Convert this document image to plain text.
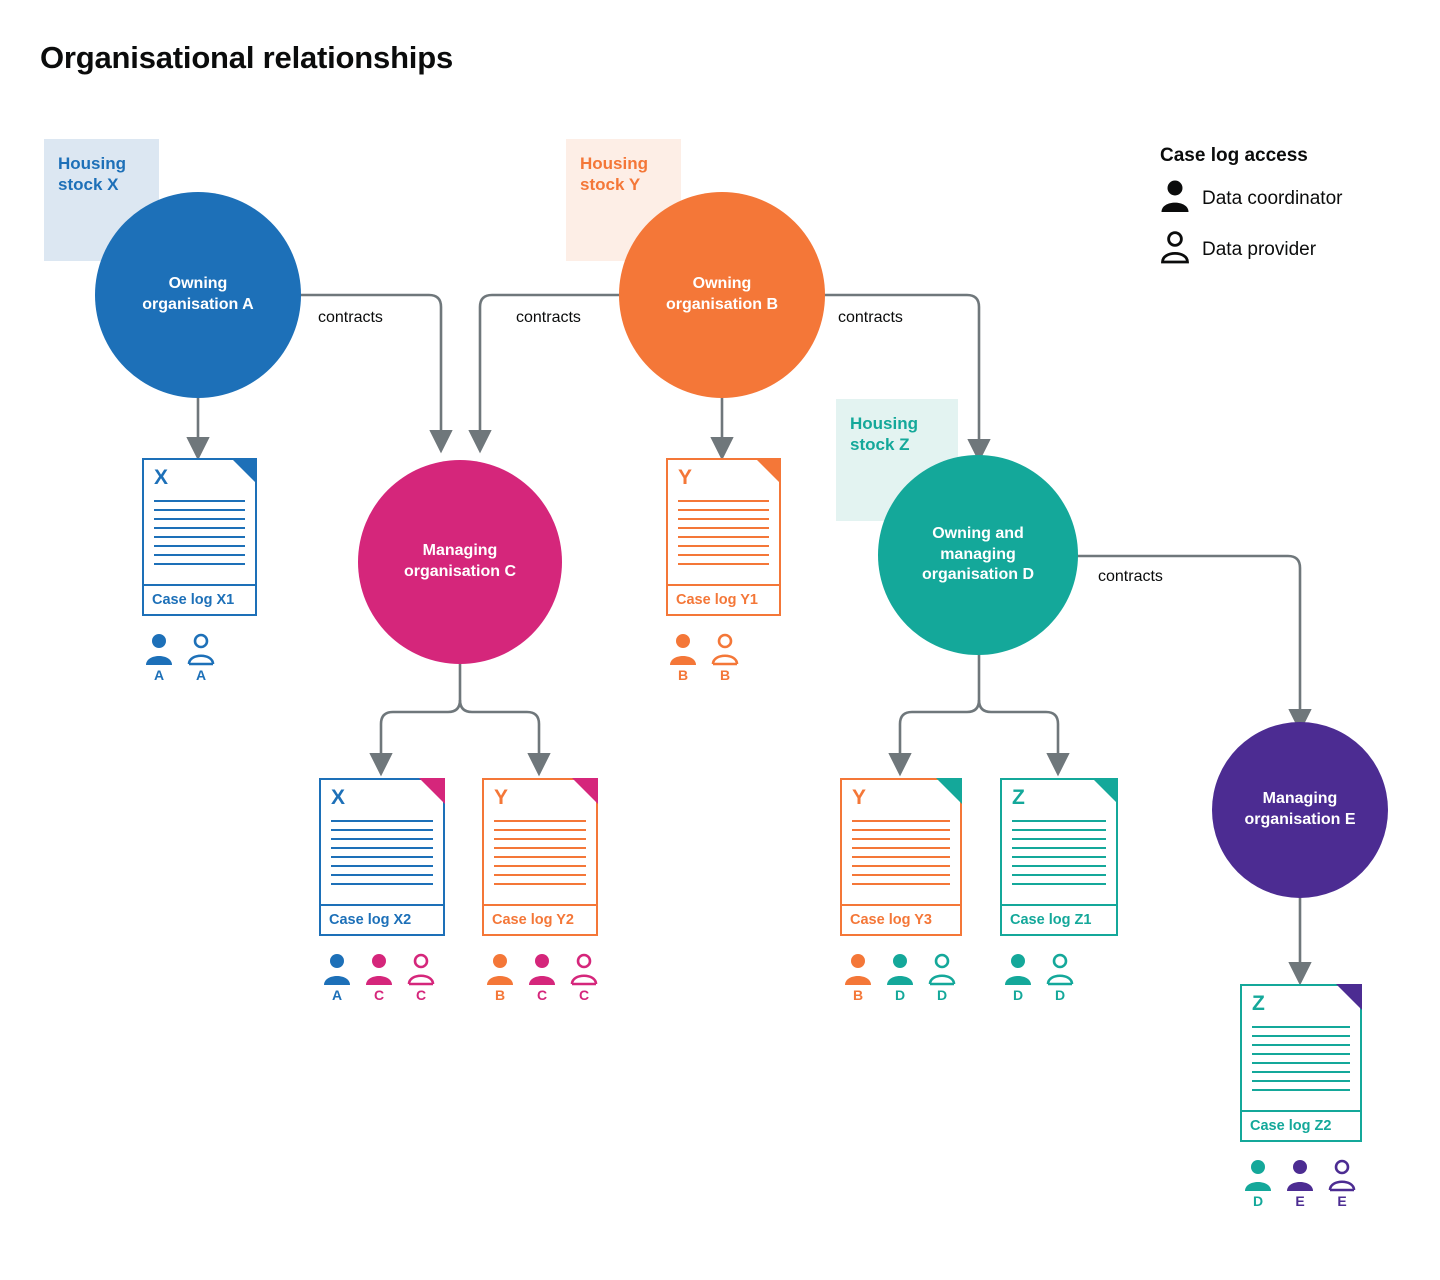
Organisational relationships
Housing
stock X
Housing
stock Y
Housing
stock Z
Owning
organisation A
Owning
organisation B
Managing
organisation C
Owning and
managing
organisation D
Managing
organisation E
contracts	contracts	contracts
contracts
X
Case log X1
A	A
Y
Case log Y1
B	B
X
Case log X2
A	C	C
Y
Case log Y2
B	C	C
Y
Case log Y3
B	D	D
Z
Case log Z1
D	D	Z
Case log Z2
D	E	E
Case log access
Data coordinator
Data provider
